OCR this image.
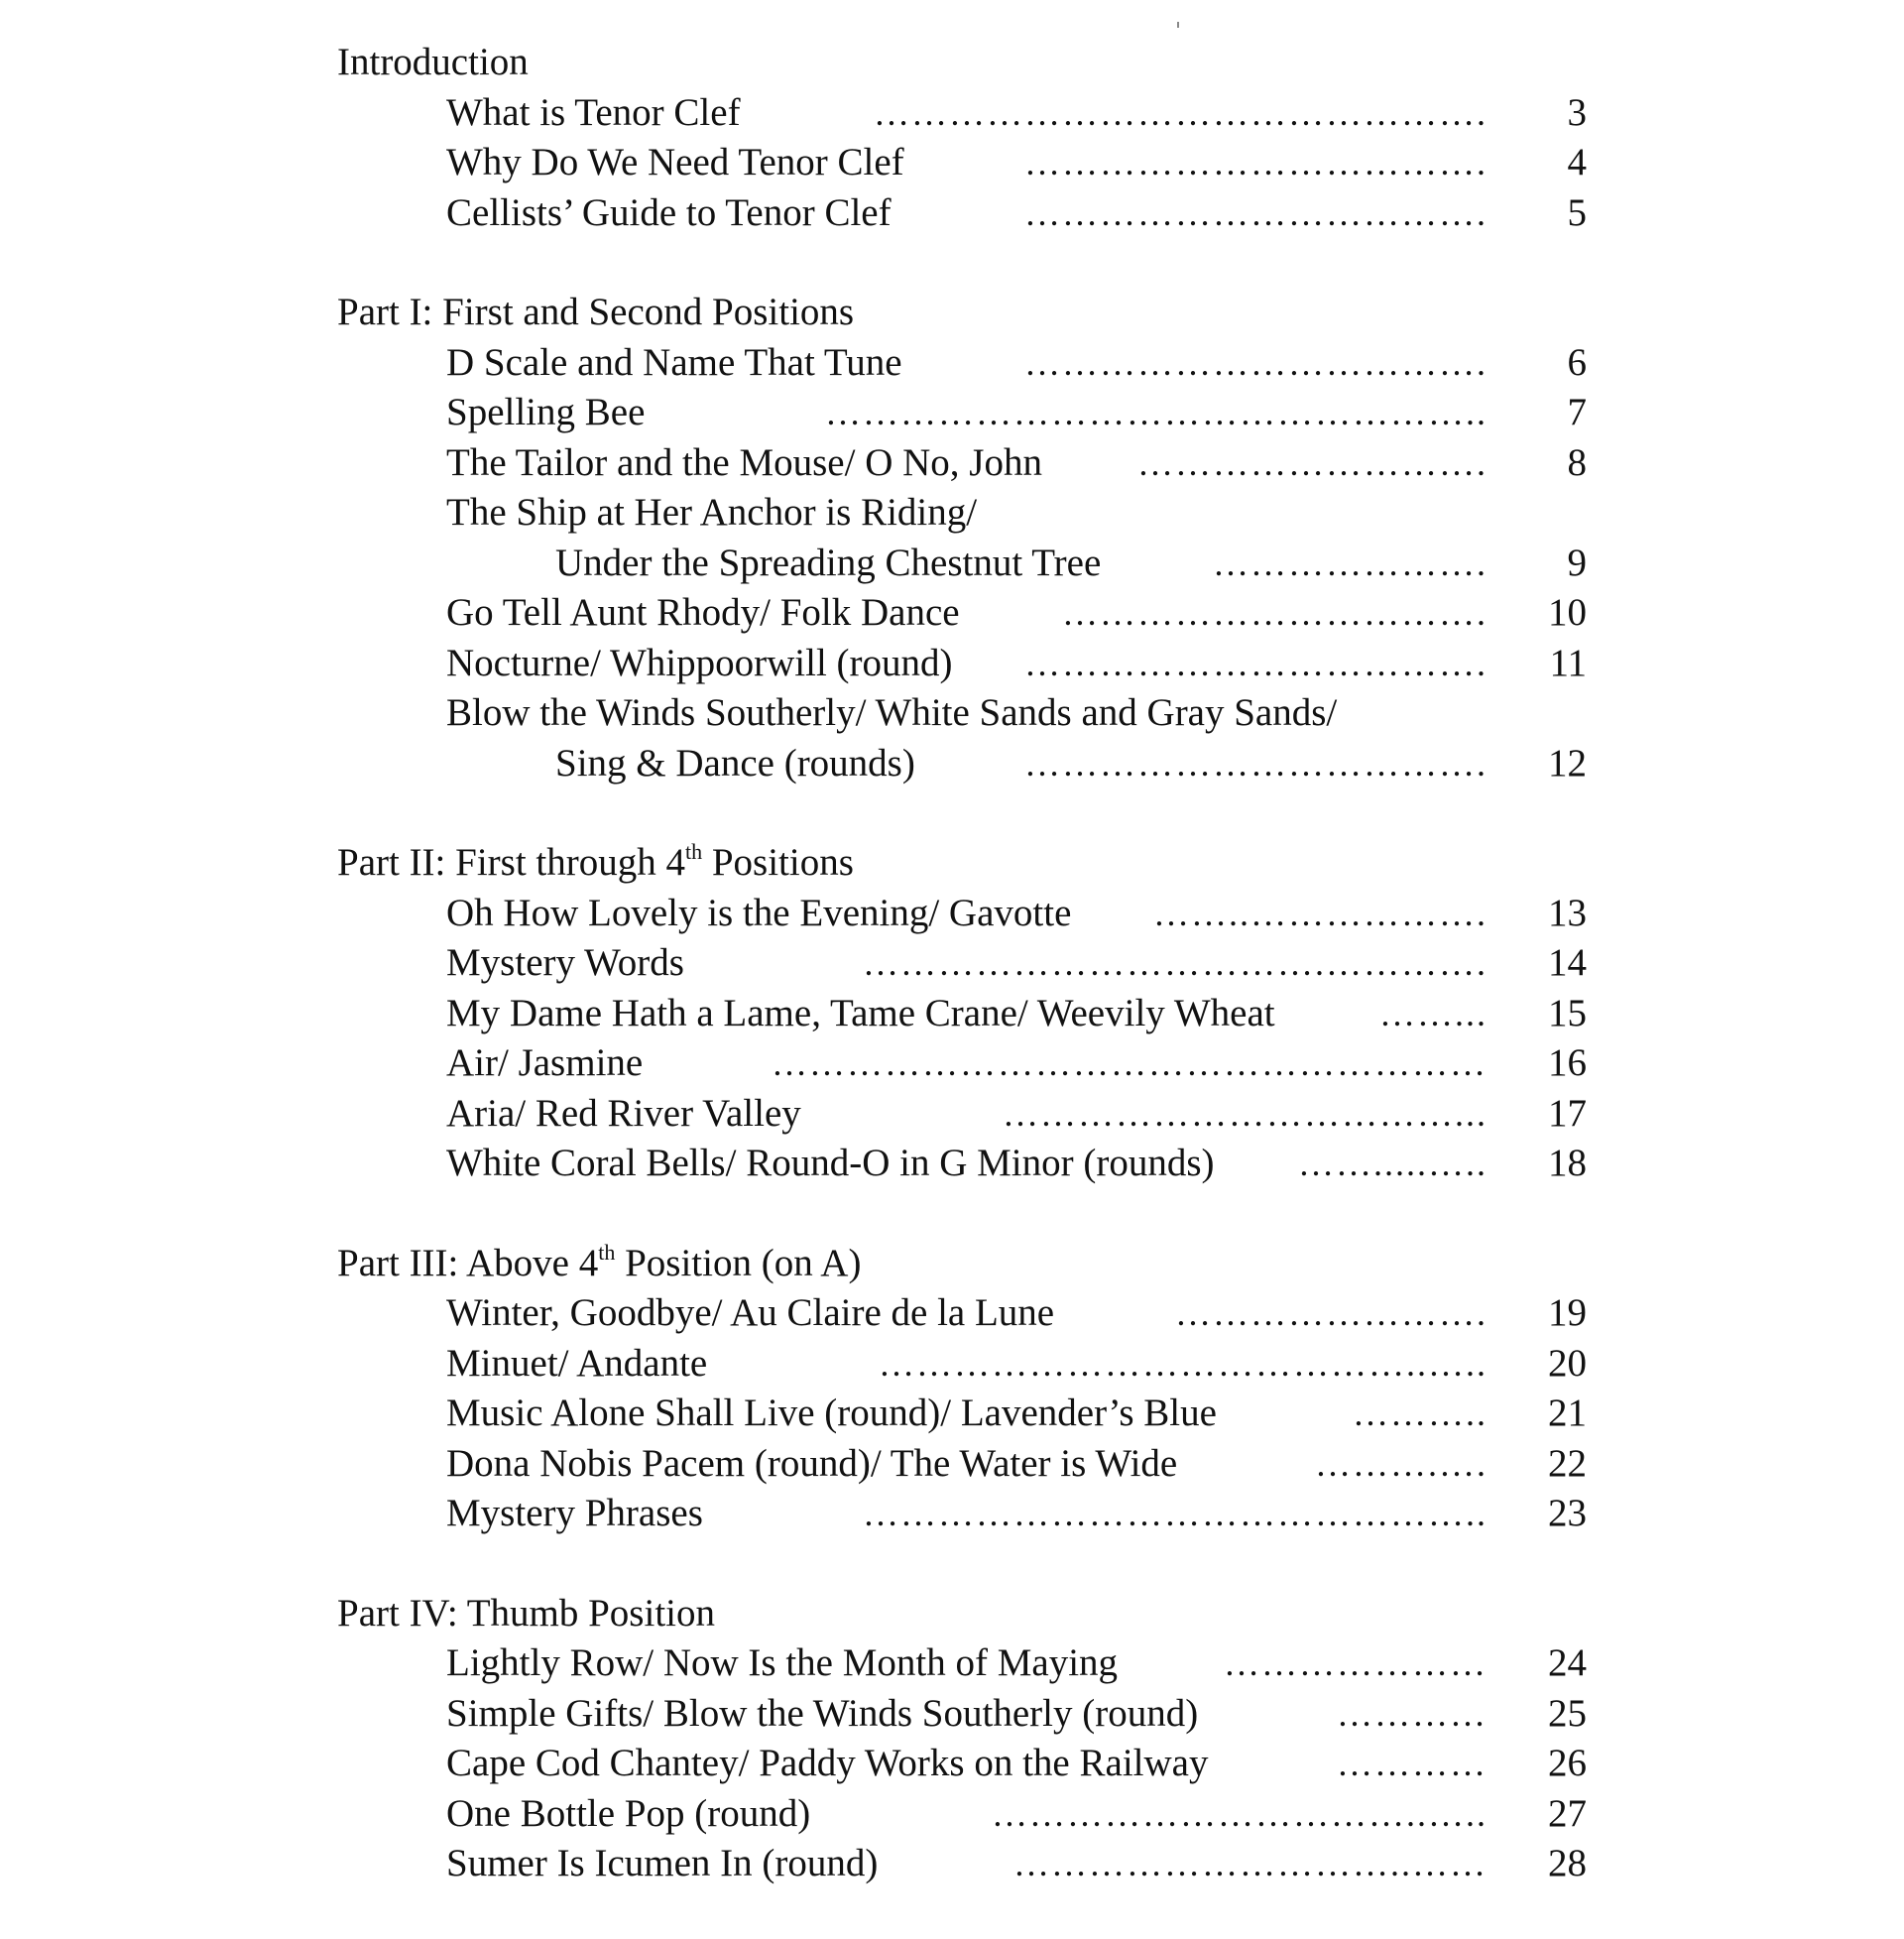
Introduction
What is Tenor Clef	………………………………………….	3
Why Do We Need Tenor Clef	……………………………….	4
Cellists’ Guide to Tenor Clef	……………………………….	5
Part I: First and Second Positions
D Scale and Name That Tune	……………………………….	6
Spelling Bee	……………………………………………..	7
The Tailor and the Mouse/ O No, John	……………………….	8
The Ship at Her Anchor is Riding/
Under the Spreading Chestnut Tree	………………….	9
Go Tell Aunt Rhody/ Folk Dance	…………………………….	10
Nocturne/ Whippoorwill (round) ……………………………….	11
Blow the Winds Southerly/ White Sands and Gray Sands/
Sing & Dance (rounds)	……………………………….	12
Part II: First through 4th Positions
Oh How Lovely is the Evening/ Gavotte ……..……………….	13
Mystery Words	……………………………….………….	14
My Dame Hath a Lame, Tame Crane/ Weevily Wheat	……...	15
Air/ Jasmine	…………………………………………………	16
Aria/ Red River Valley	………………………………...	17
White Coral Bells/ Round-O in G Minor (rounds) …….....…..	18
Part III: Above 4th Position (on A)
Winter, Goodbye/ Au Claire de la Lune	…………………….	19
Minuet/ Andante	……………………………………..…..	20
Music Alone Shall Live (round)/ Lavender’s Blue	………..	21
Dona Nobis Pacem (round)/ The Water is Wide	……….….	22
Mystery Phrases	…………………………………………..	23
Part IV: Thumb Position
Lightly Row/ Now Is the Month of Maying	…………………	24
Simple Gifts/ Blow the Winds Southerly (round)	…………	25
Cape Cod Chantey/ Paddy Works on the Railway	…………	26
One Bottle Pop (round)	……………………………..…..	27
Sumer Is Icumen In (round)	…………………………..……	28
